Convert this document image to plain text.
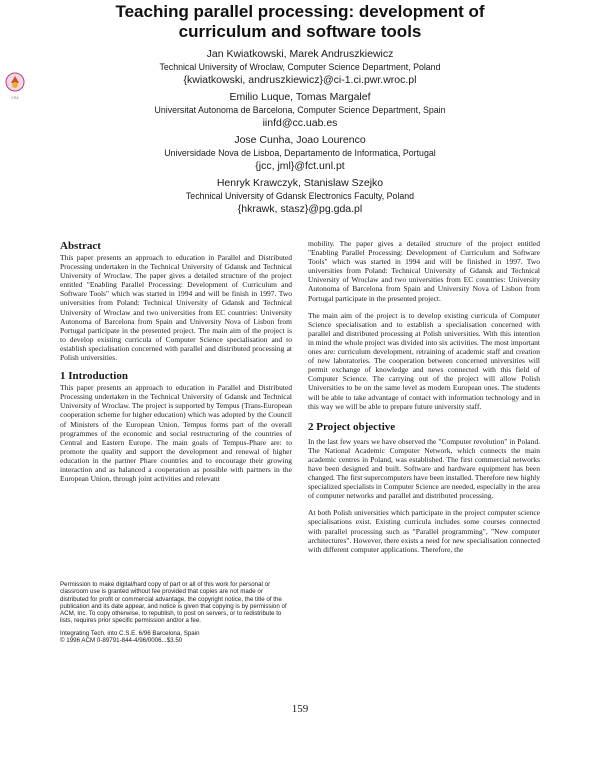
CRA
Teaching parallel processing: development of curriculum and software tools
Jan Kwiatkowski, Marek Andruszkiewicz
Technical University of Wroclaw, Computer Science Department, Poland
{kwiatkowski, andruszkiewicz}@ci-1.ci.pwr.wroc.pl
Emilio Luque, Tomas Margalef
Universitat Autonoma de Barcelona, Computer Science Department, Spain
iinfd@cc.uab.es
Jose Cunha, Joao Lourenco
Universidade Nova de Lisboa, Departamento de Informatica, Portugal
{jcc, jml}@fct.unl.pt
Henryk Krawczyk, Stanislaw Szejko
Technical University of Gdansk Electronics Faculty, Poland
{hkrawk, stasz}@pg.gda.pl
Abstract

This paper presents an approach to education in Parallel and Distributed Processing undertaken in the Technical University of Gdansk and Technical University of Wroclaw. The paper gives a detailed structure of the project entitled "Enabling Parallel Processing: Development of Curriculum and Software Tools" which was started in 1994 and will be finish in 1997. Two universities from Poland: Technical University of Gdansk and Technical University of Wroclaw and two universities from EC countries: University Autonoma of Barcelona from Spain and University Nova of Lisbon from Portugal participate in the presented project. The main aim of the project is to develop existing curricula of Computer Science specialisation and to establish specialisation concerned with parallel and distributed processing at Polish universities.

1 Introduction

This paper presents an approach to education in Parallel and Distributed Processing undertaken in the Technical University of Gdansk and Technical University of Wroclaw. The project is supported by Tempus (Trans-European cooperation scheme for higher education) which was adopted by the Council of Ministers of the European Union. Tempus forms part of the overall programmes of the economic and social restructuring of the countries of Central and Eastern Europe. The main goals of Tempus-Phare are: to promote the quality and support the development and renewal of higher education in the partner Phare countries and to encourage their growing interaction and as balanced a cooperation as possible with partners in the European Union, through joint activities and relevant

Permission to make digital/hard copy of part or all of this work for personal or classroom use is granted without fee provided that copies are not made or distributed for profit or commercial advantage, the copyright notice, the title of the publication and its date appear, and notice is given that copying is by permission of ACM, Inc. To copy otherwise, to republish, to post on servers, or to redistribute to lists, requires prior specific permission and/or a fee.

Integrating Tech. into C.S.E. 6/96 Barcelona, Spain

© 1996 ACM 0-89791-844-4/96/0006...$3.50

mobility. The paper gives a detailed structure of the project entitled "Enabling Parallel Processing: Development of Curriculum and Software Tools" which was started in 1994 and will be finished in 1997. Two universities from Poland: Technical University of Gdansk and Technical University of Wroclaw and two universities from EC countries: University Autonoma of Barcelona from Spain and University Nova of Lisbon from Portugal participate in the presented project.

The main aim of the project is to develop existing curricula of Computer Science specialisation and to establish a specialisation concerned with parallel and distributed processing at Polish universities. With this intention in mind the whole project was divided into six activities. The most important ones are: curriculum development, retraining of academic staff and creation of new laboratories. The cooperation between concerned universities will permit exchange of knowledge and news connected with this field of Computer Science. The carrying out of the project will allow Polish Universities to be on the same level as modern European ones. The students will be able to take advantage of contact with information technology and in this way we will be able to prepare future university staff.

2 Project objective

In the last few years we have observed the "Computer revolution" in Poland. The National Academic Computer Network, which connects the main academic centres in Poland, was established. The first commercial networks have been designed and built. Software and hardware equipment has been changed. The first supercomputers have been installed. Therefore new highly specialized specialists in Computer Science are needed, especially in the area of computer networks and parallel and distributed processing.

At both Polish universities which participate in the project computer science specialisations exist. Existing curricula includes some courses connected with parallel processing such as "Parallel programming", "New computer architectures". However, there exists a need for new specialisation connected with different computer applications. Therefore, the

159
